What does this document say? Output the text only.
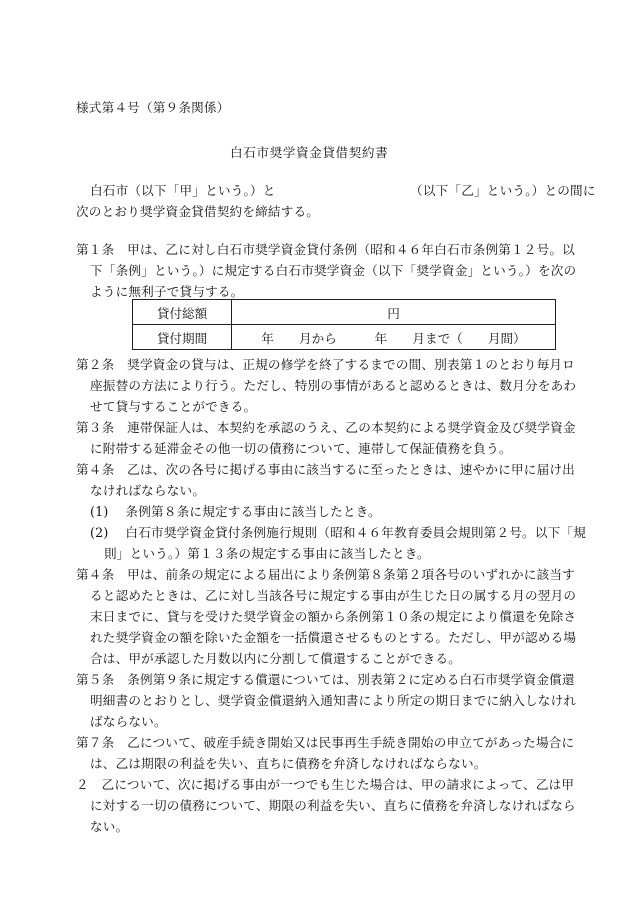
様式第４号（第９条関係）
白石市奨学資金貸借契約書
白石市（以下「甲」という。）と　　　　　　　　　　　（以下「乙」という。）との間に
次のとおり奨学資金貸借契約を締結する。
第１条　甲は、乙に対し白石市奨学資金貸付条例（昭和４６年白石市条例第１２号。以
下「条例」という。）に規定する白石市奨学資金（以下「奨学資金」という。）を次の
ように無利子で貸与する。
貸付総額	円
貸付期間	年　　月から　　　年　　月まで（　　月間）
第２条　奨学資金の貸与は、正規の修学を終了するまでの間、別表第１のとおり毎月ロ
座振替の方法により行う。ただし、特別の事情があると認めるときは、数月分をあわ
せて貸与することができる。
第３条　連帯保証人は、本契約を承認のうえ、乙の本契約による奨学資金及び奨学資金
に附帯する延滞金その他一切の債務について、連帯して保証債務を負う。
第４条　乙は、次の各号に掲げる事由に該当するに至ったときは、速やかに甲に届け出
なければならない。
(1)　 条例第８条に規定する事由に該当したとき。
(2)　 白石市奨学資金貸付条例施行規則（昭和４６年教育委員会規則第２号。以下「規
則」という。）第１３条の規定する事由に該当したとき。
第４条　甲は、前条の規定による届出により条例第８条第２項各号のいずれかに該当す
ると認めたときは、乙に対し当該各号に規定する事由が生じた日の属する月の翌月の
末日までに、貸与を受けた奨学資金の額から条例第１０条の規定により償還を免除さ
れた奨学資金の額を除いた金額を一括償還させるものとする。ただし、甲が認める場
合は、甲が承認した月数以内に分割して償還することができる。
第５条　条例第９条に規定する償還については、別表第２に定める白石市奨学資金償還
明細書のとおりとし、奨学資金償還納入通知書により所定の期日までに納入しなけれ
ばならない。
第７条　乙について、破産手続き開始又は民事再生手続き開始の申立てがあった場合に
は、乙は期限の利益を失い、直ちに債務を弁済しなければならない。
２　乙について、次に掲げる事由が一つでも生じた場合は、甲の請求によって、乙は甲
に対する一切の債務について、期限の利益を失い、直ちに債務を弁済しなければなら
ない。
